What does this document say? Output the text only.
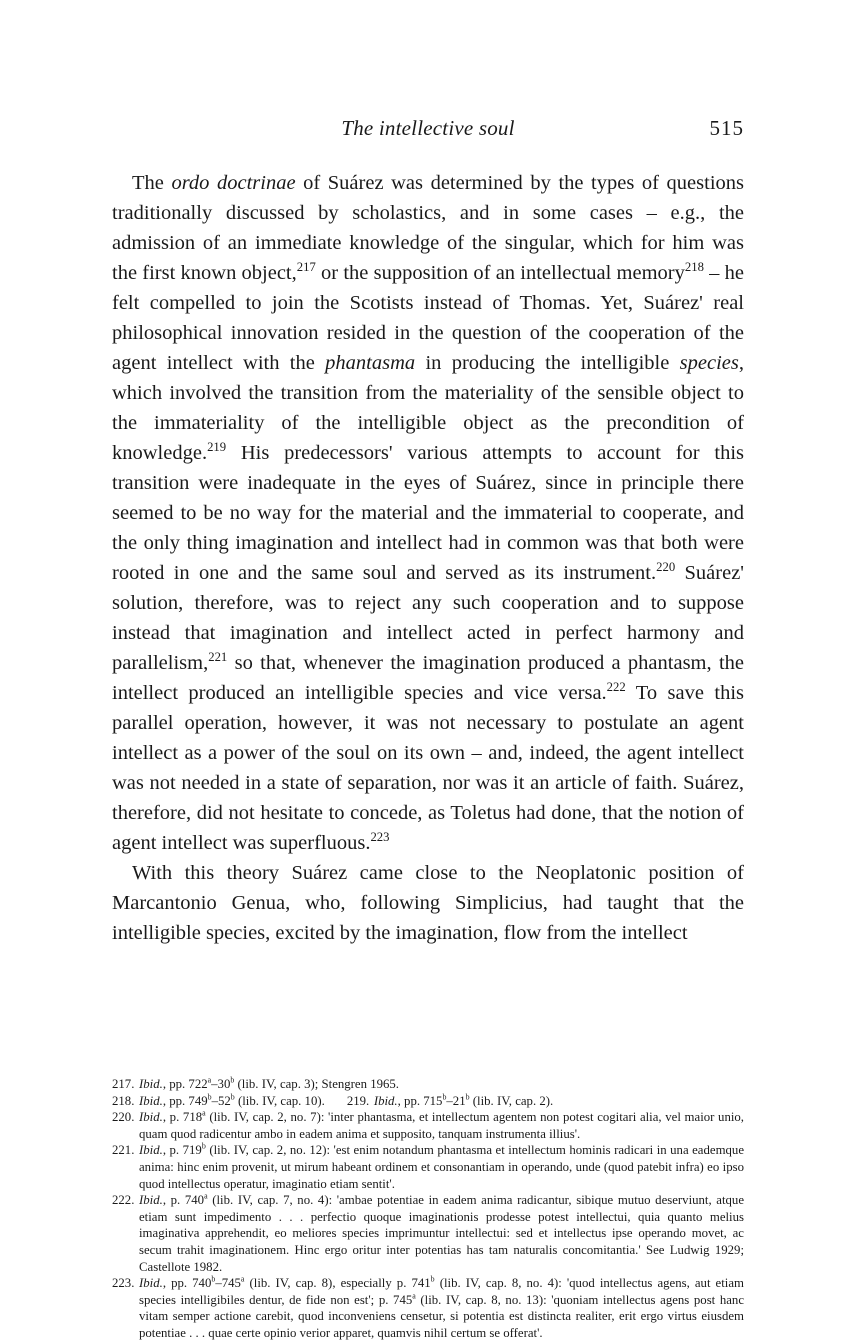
The intellective soul	515

The ordo doctrinae of Suárez was determined by the types of questions traditionally discussed by scholastics, and in some cases – e.g., the admission of an immediate knowledge of the singular, which for him was the first known object,$^{217}$ or the supposition of an intellectual memory$^{218}$ – he felt compelled to join the Scotists instead of Thomas. Yet, Suárez' real philosophical innovation resided in the question of the cooperation of the agent intellect with the phantasma in producing the intelligible species, which involved the transition from the materiality of the sensible object to the immateriality of the intelligible object as the precondition of knowledge.$^{219}$ His predecessors' various attempts to account for this transition were inadequate in the eyes of Suárez, since in principle there seemed to be no way for the material and the immaterial to cooperate, and the only thing imagination and intellect had in common was that both were rooted in one and the same soul and served as its instrument.$^{220}$ Suárez' solution, therefore, was to reject any such cooperation and to suppose instead that imagination and intellect acted in perfect harmony and parallelism,$^{221}$ so that, whenever the imagination produced a phantasm, the intellect produced an intelligible species and vice versa.$^{222}$ To save this parallel operation, however, it was not necessary to postulate an agent intellect as a power of the soul on its own – and, indeed, the agent intellect was not needed in a state of separation, nor was it an article of faith. Suárez, therefore, did not hesitate to concede, as Toletus had done, that the notion of agent intellect was superfluous.$^{223}$

With this theory Suárez came close to the Neoplatonic position of Marcantonio Genua, who, following Simplicius, had taught that the intelligible species, excited by the imagination, flow from the intellect

217. Ibid., pp. 722$^a$–30$^b$ (lib. IV, cap. 3); Stengren 1965.
218. Ibid., pp. 749$^b$–52$^b$ (lib. IV, cap. 10). 219. Ibid., pp. 715$^b$–21$^b$ (lib. IV, cap. 2).
220. Ibid., p. 718$^a$ (lib. IV, cap. 2, no. 7): 'inter phantasma, et intellectum agentem non potest cogitari alia, vel maior unio, quam quod radicentur ambo in eadem anima et supposito, tanquam instrumenta illius'.
221. Ibid., p. 719$^b$ (lib. IV, cap. 2, no. 12): 'est enim notandum phantasma et intellectum hominis radicari in una eademque anima: hinc enim provenit, ut mirum habeant ordinem et consonantiam in operando, unde (quod patebit infra) eo ipso quod intellectus operatur, imaginatio etiam sentit'.
222. Ibid., p. 740$^a$ (lib. IV, cap. 7, no. 4): 'ambae potentiae in eadem anima radicantur, sibique mutuo deserviunt, atque etiam sunt impedimento . . . perfectio quoque imaginationis prodesse potest intellectui, quia quanto melius imaginativa apprehendit, eo meliores species imprimuntur intellectui: sed et intellectus ipse operando movet, ac secum trahit imaginationem. Hinc ergo oritur inter potentias has tam naturalis concomitantia.' See Ludwig 1929; Castellote 1982.
223. Ibid., pp. 740$^b$–745$^a$ (lib. IV, cap. 8), especially p. 741$^b$ (lib. IV, cap. 8, no. 4): 'quod intellectus agens, aut etiam species intelligibiles dentur, de fide non est'; p. 745$^a$ (lib. IV, cap. 8, no. 13): 'quoniam intellectus agens post hanc vitam semper actione carebit, quod inconveniens censetur, si potentia est distincta realiter, erit ergo virtus eiusdem potentiae . . . quae certe opinio verior apparet, quamvis nihil certum se offerat'.
